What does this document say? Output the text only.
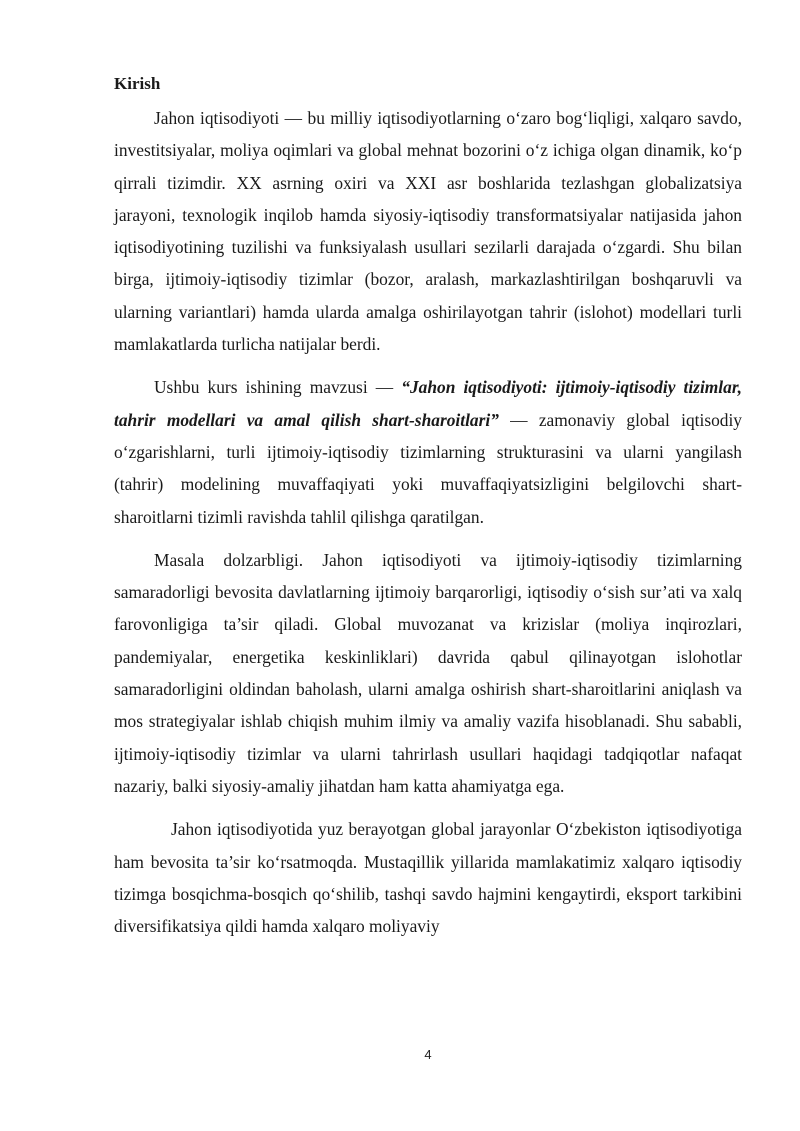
Kirish

Jahon iqtisodiyoti — bu milliy iqtisodiyotlarning o‘zaro bog‘liqligi, xalqaro savdo, investitsiyalar, moliya oqimlari va global mehnat bozorini o‘z ichiga olgan dinamik, ko‘p qirrali tizimdir. XX asrning oxiri va XXI asr boshlarida tezlashgan globalizatsiya jarayoni, texnologik inqilob hamda siyosiy-iqtisodiy transformatsiyalar natijasida jahon iqtisodiyotining tuzilishi va funksiyalash usullari sezilarli darajada o‘zgardi. Shu bilan birga, ijtimoiy-iqtisodiy tizimlar (bozor, aralash, markazlashtirilgan boshqaruvli va ularning variantlari) hamda ularda amalga oshirilayotgan tahrir (islohot) modellari turli mamlakatlarda turlicha natijalar berdi.

Ushbu kurs ishining mavzusi — “Jahon iqtisodiyoti: ijtimoiy-iqtisodiy tizimlar, tahrir modellari va amal qilish shart-sharoitlari” — zamonaviy global iqtisodiy o‘zgarishlarni, turli ijtimoiy-iqtisodiy tizimlarning strukturasini va ularni yangilash (tahrir) modelining muvaffaqiyati yoki muvaffaqiyatsizligini belgilovchi shart-sharoitlarni tizimli ravishda tahlil qilishga qaratilgan.

Masala dolzarbligi. Jahon iqtisodiyoti va ijtimoiy-iqtisodiy tizimlarning samaradorligi bevosita davlatlarning ijtimoiy barqarorligi, iqtisodiy o‘sish sur’ati va xalq farovonligiga ta’sir qiladi. Global muvozanat va krizislar (moliya inqirozlari, pandemiyalar, energetika keskinliklari) davrida qabul qilinayotgan islohotlar samaradorligini oldindan baholash, ularni amalga oshirish shart-sharoitlarini aniqlash va mos strategiyalar ishlab chiqish muhim ilmiy va amaliy vazifa hisoblanadi. Shu sababli, ijtimoiy-iqtisodiy tizimlar va ularni tahrirlash usullari haqidagi tadqiqotlar nafaqat nazariy, balki siyosiy-amaliy jihatdan ham katta ahamiyatga ega.

Jahon iqtisodiyotida yuz berayotgan global jarayonlar O‘zbekiston iqtisodiyotiga ham bevosita ta’sir ko‘rsatmoqda. Mustaqillik yillarida mamlakatimiz xalqaro iqtisodiy tizimga bosqichma-bosqich qo‘shilib, tashqi savdo hajmini kengaytirdi, eksport tarkibini diversifikatsiya qildi hamda xalqaro moliyaviy

4
